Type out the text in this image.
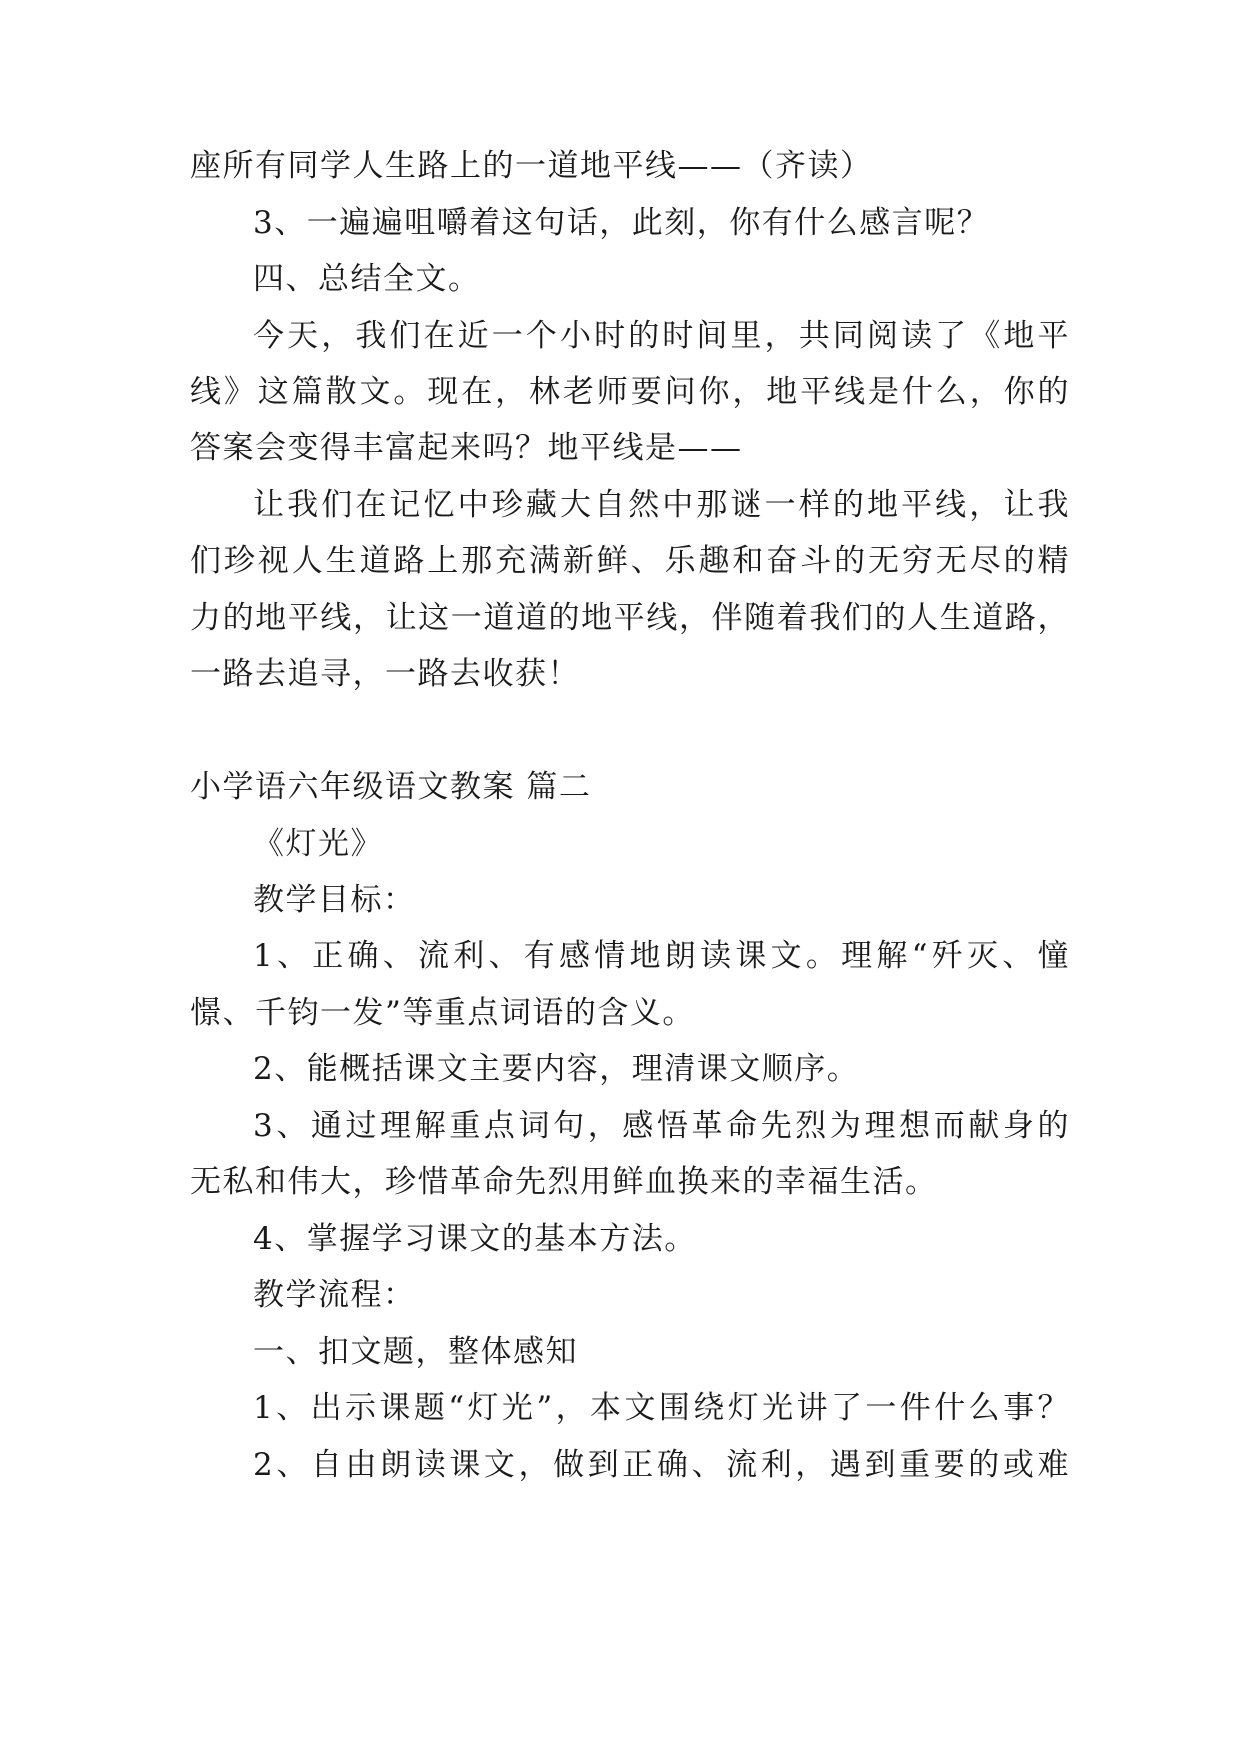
座所有同学人生路上的一道地平线——（齐读）
3、一遍遍咀嚼着这句话，此刻，你有什么感言呢？
四、总结全文。
今天，我们在近一个小时的时间里，共同阅读了《地平
线》这篇散文。现在，林老师要问你，地平线是什么，你的
答案会变得丰富起来吗？地平线是——
让我们在记忆中珍藏大自然中那谜一样的地平线，让我
们珍视人生道路上那充满新鲜、乐趣和奋斗的无穷无尽的精
力的地平线，让这一道道的地平线，伴随着我们的人生道路，
一路去追寻，一路去收获！
小学语六年级语文教案 篇二
《灯光》
教学目标：
1、正确、流利、有感情地朗读课文。理解“歼灭、憧
憬、千钧一发”等重点词语的含义。
2、能概括课文主要内容，理清课文顺序。
3、通过理解重点词句，感悟革命先烈为理想而献身的
无私和伟大，珍惜革命先烈用鲜血换来的幸福生活。
4、掌握学习课文的基本方法。
教学流程：
一、扣文题，整体感知
1、出示课题“灯光”，本文围绕灯光讲了一件什么事？
2、自由朗读课文，做到正确、流利，遇到重要的或难
